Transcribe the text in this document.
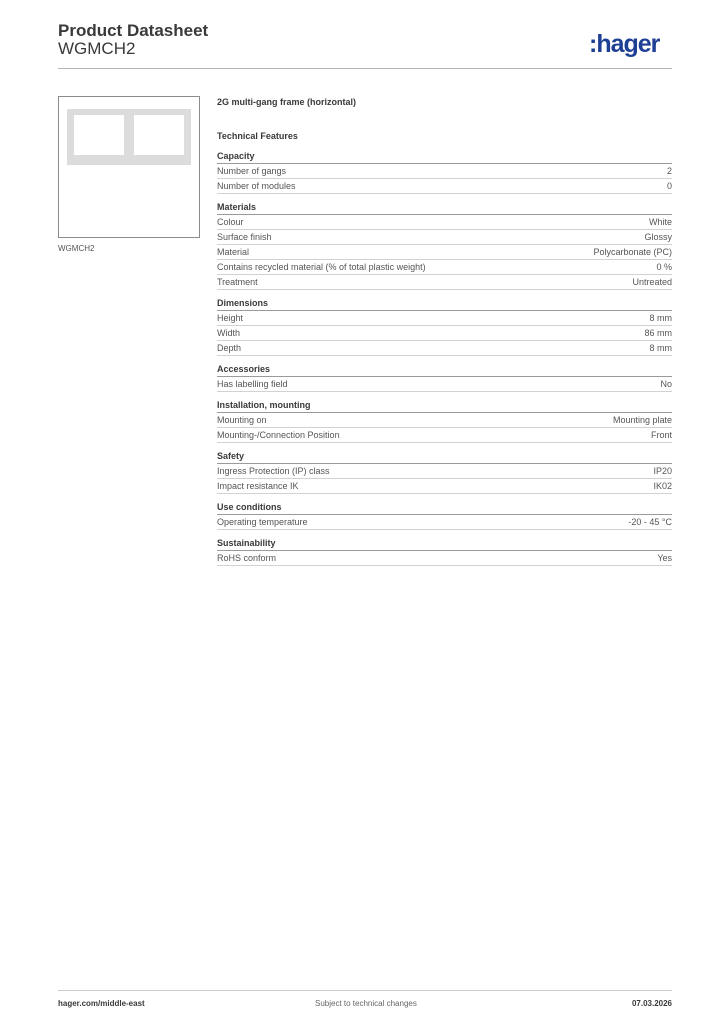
Product Datasheet
WGMCH2	:hager
WGMCH2
2G multi-gang frame (horizontal)
Technical Features
Capacity
Number of gangs	2
Number of modules	0
Materials
Colour	White
Surface finish	Glossy
Material	Polycarbonate (PC)
Contains recycled material (% of total plastic weight)	0 %
Treatment	Untreated
Dimensions
Height	8 mm
Width	86 mm
Depth	8 mm
Accessories
Has labelling field	No
Installation, mounting
Mounting on	Mounting plate
Mounting-/Connection Position	Front
Safety
Ingress Protection (IP) class	IP20
Impact resistance IK	IK02
Use conditions
Operating temperature	-20 - 45 °C
Sustainability
RoHS conform	Yes
hager.com/middle-east	Subject to technical changes	07.03.2026
